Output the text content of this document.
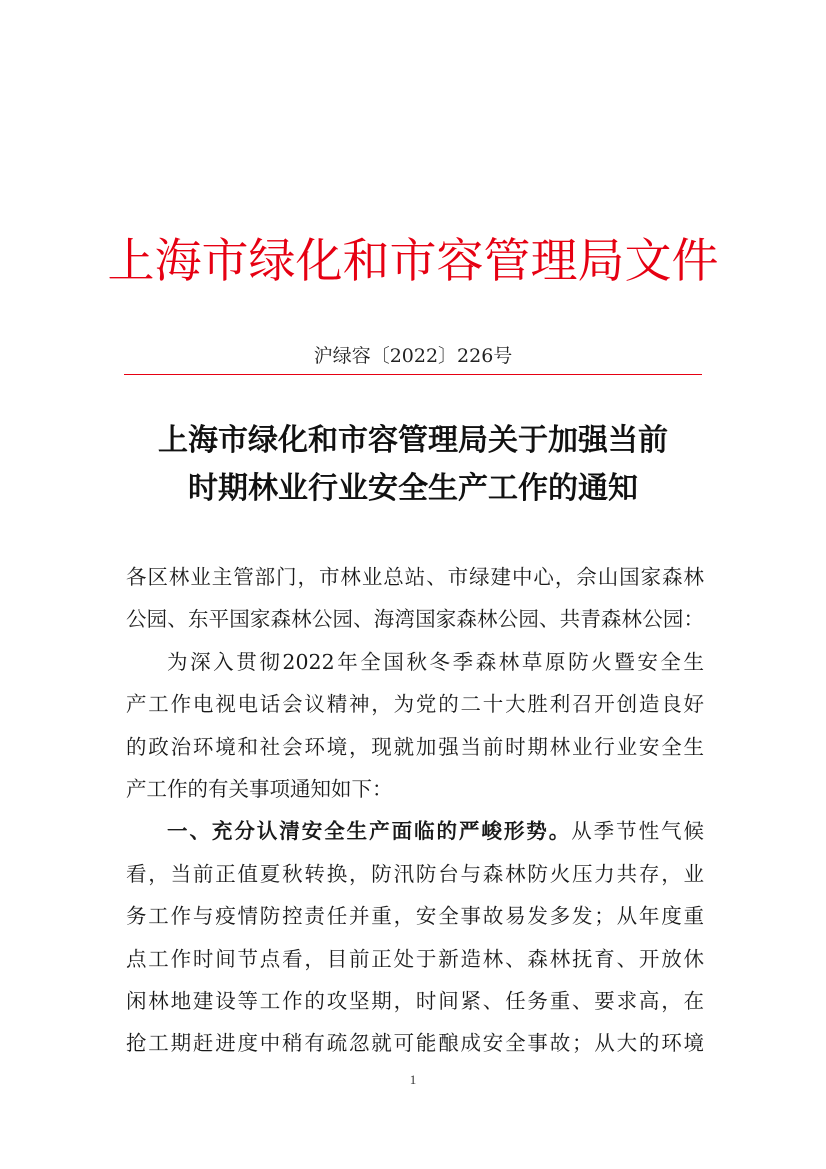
上海市绿化和市容管理局文件
沪绿容〔2022〕226号
上海市绿化和市容管理局关于加强当前
时期林业行业安全生产工作的通知
各区林业主管部门，市林业总站、市绿建中心，佘山国家森林
公园、东平国家森林公园、海湾国家森林公园、共青森林公园：
为深入贯彻2022年全国秋冬季森林草原防火暨安全生
产工作电视电话会议精神，为党的二十大胜利召开创造良好
的政治环境和社会环境，现就加强当前时期林业行业安全生
产工作的有关事项通知如下：
一、充分认清安全生产面临的严峻形势。从季节性气候
看，当前正值夏秋转换，防汛防台与森林防火压力共存，业
务工作与疫情防控责任并重，安全事故易发多发；从年度重
点工作时间节点看，目前正处于新造林、森林抚育、开放休
闲林地建设等工作的攻坚期，时间紧、任务重、要求高，在
抢工期赶进度中稍有疏忽就可能酿成安全事故；从大的环境
1
